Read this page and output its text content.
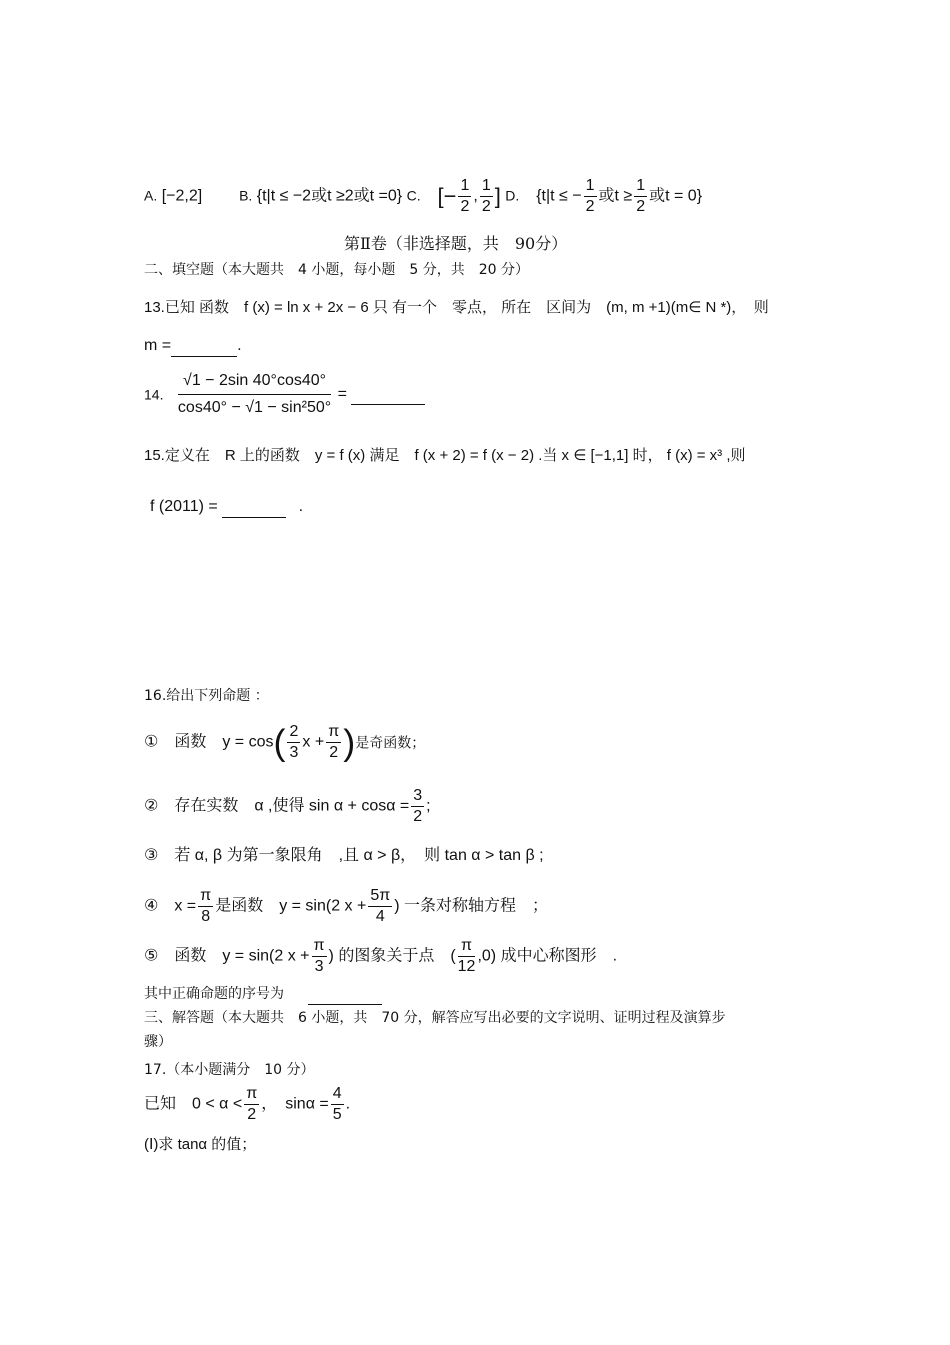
A. [−2,2]	B. {t|t ≤ −2或t ≥2或t =0} C. [− $\frac{1}{2}$ , $\frac{1}{2}$ ] D. {t|t ≤ − $\frac{1}{2}$ 或$t \ge \frac{1}{2}$ 或t = 0}
第Ⅱ卷（非选择题，共　90分）
二、填空题（本大题共　4 小题，每小题　5 分，共　20 分）
13.已知 函数　f (x) = ln x + 2x − 6 只 有一个　零点， 所在　区间为　(m, m +1)(m∈ N *)，　则
m =	.
14. $\frac{√1 - 2\sin 40^\circ\cos 40^\circ}{\text{cos40° − √1 − sin²50°}}$ =
15.定义在　R 上的函数　y = f (x) 满足　f (x + 2) = f (x − 2) .当 x ∈ [−1,1] 时， f (x) = x³ ,则
f (2011) =	.
16.给出下列命题 ：
①　函数　$y = \cos( \frac{2}{3}$ $x + \frac{\pi}{2}$ )是奇函数；
②　存在实数　α ,使得 $\sin \alpha + \cos\alpha = \frac{3}{2}$ ;
③　若 α, β 为第一象限角　,且 α > β，　则 tan α > tan β ;
④　$x = \frac{\pi}{8}$ 是函数　y = sin(2 $x + \frac{5\pi}{4}$ ) 一条对称轴方程　；
⑤　函数　y = sin(2 $x + \frac{\pi}{3}$ ) 的图象关于点　( $\frac{\pi}{12} ,0$) 成中心称图形　.
其中正确命题的序号为
三、解答题（本大题共　6 小题，共　70 分，解答应写出必要的文字说明、证明过程及演算步
骤）
17.（本小题满分　10 分）
已知　$0 < \alpha < \frac{\pi}{2}$ ，　$\sin\alpha = \frac{4}{5}$ .
(Ⅰ)求 tanα 的值；
